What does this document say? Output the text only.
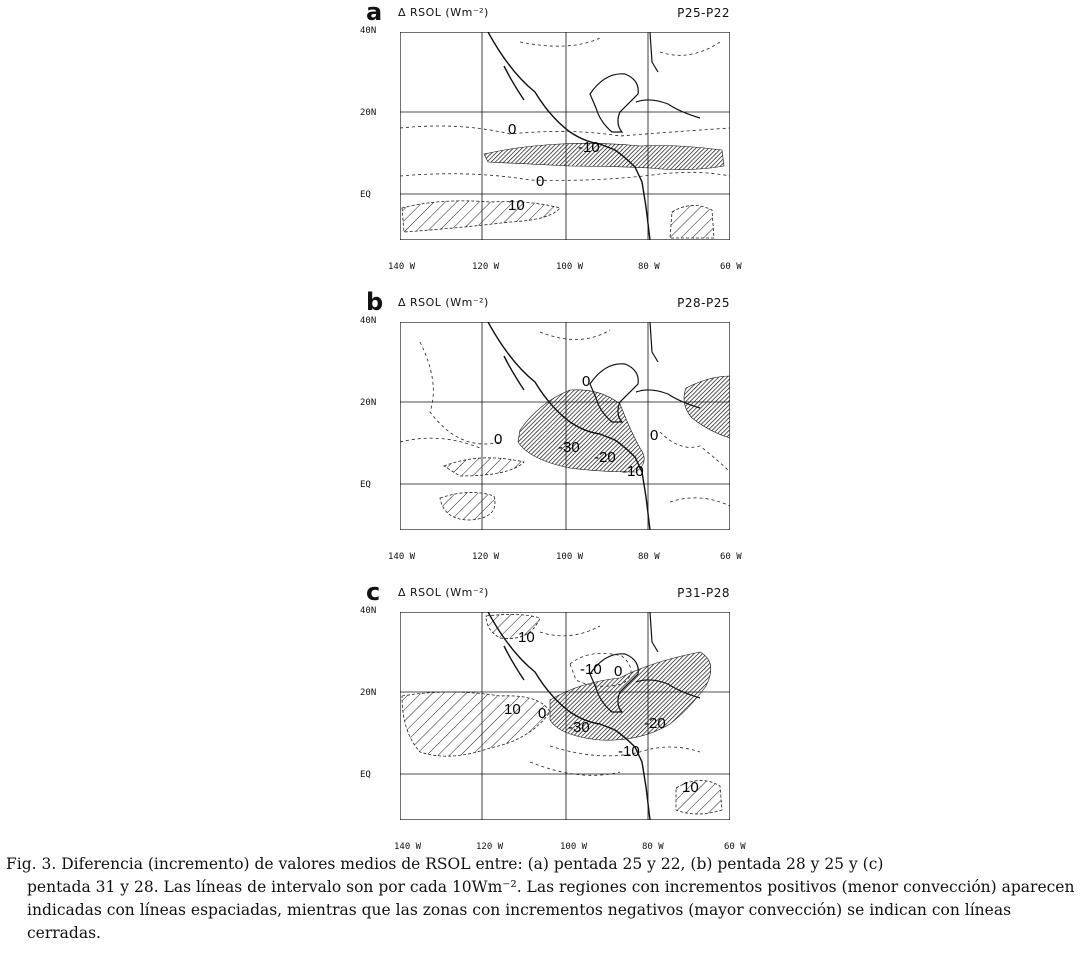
a Δ RSOL (Wm⁻²)	P25-P22
40N
20N
EQ
140 W	120 W	100 W	80 W	60 W
0
-10
0
10
b Δ RSOL (Wm⁻²)	P28-P25
40N
20N
EQ
140 W	120 W	100 W	80 W	60 W
0
0	-30
-20
-10
0
c Δ RSOL (Wm⁻²)	P31-P28
40N
20N
EQ
140 W	120 W	100 W	80 W	60 W
10
-10 0
10 0
-30	-20
-10
10
Fig. 3. Diferencia (incremento) de valores medios de RSOL entre: (a) pentada 25 y 22, (b) pentada 28 y 25 y (c)
pentada 31 y 28. Las líneas de intervalo son por cada 10Wm⁻². Las regiones con incrementos positivos (menor convección) aparecen indicadas con líneas espaciadas, mientras que las zonas con incrementos negativos (mayor convección) se indican con líneas cerradas.
